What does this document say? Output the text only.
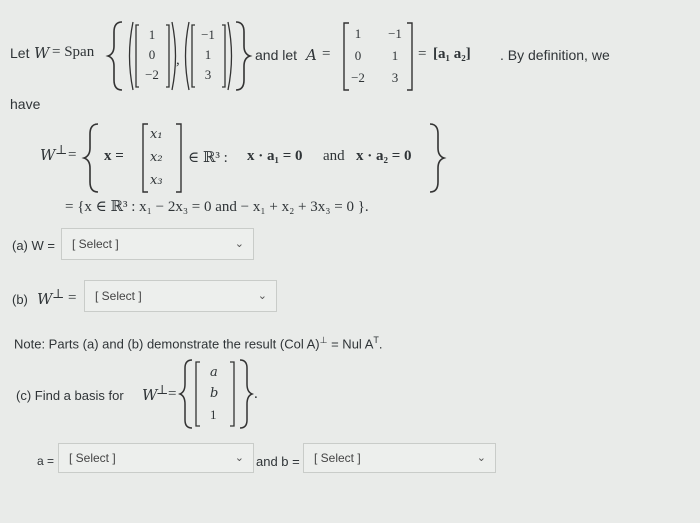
Let W = Span
1
0
−2
,
−1
1
3
and let A =
1	−1
0	1
−2	3
= [a₁ a₂] . By definition, we
have
W ⊥ = x =
x₁
x₂
x₃
∈ ℝ³ : x · a₁ = 0 and x · a₂ = 0
= {x ∈ ℝ³ : x₁ − 2x₃ = 0 and − x₁ + x₂ + 3x₃ = 0 }.
(a) W = [ Select ]	⌄
(b) W ⊥ = [ Select ]	⌄
Note: Parts (a) and (b) demonstrate the result (Col A)⊥ = Nul $A^T$.
(c) Find a basis for W
⊥ =
a
b
1
.
a = [ Select ]	⌄ and b = [ Select ]	⌄
